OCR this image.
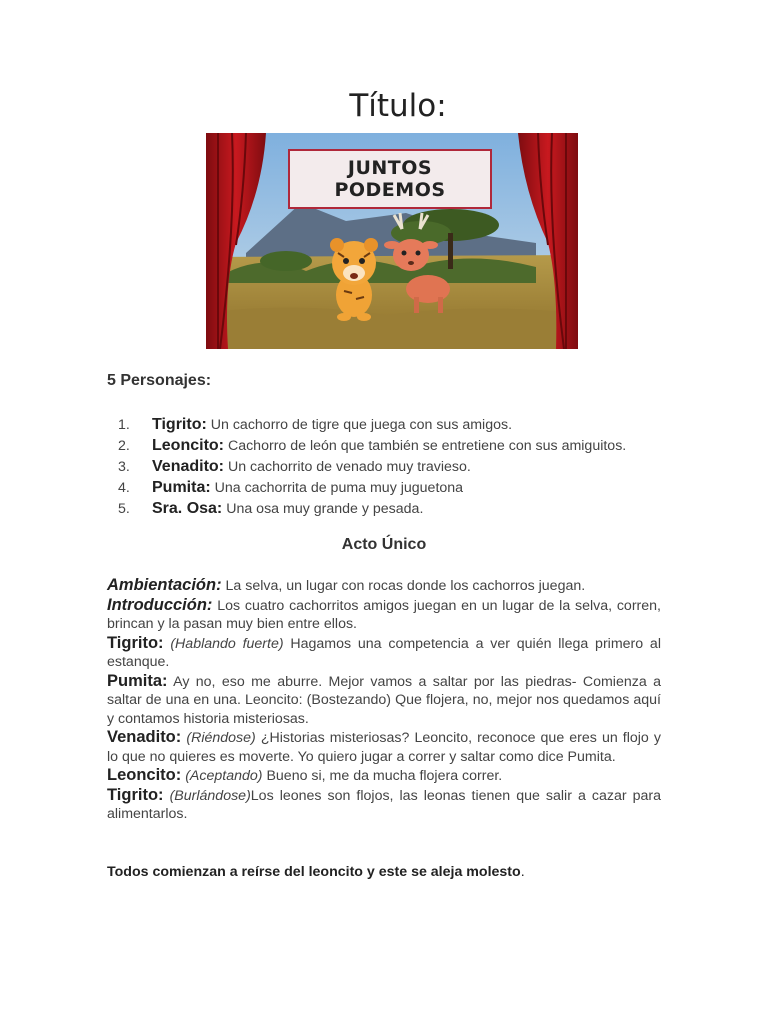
Título:
JUNTOS
PODEMOS
5 Personajes:
1. Tigrito: Un cachorro de tigre que juega con sus amigos.
2. Leoncito: Cachorro de león que también se entretiene con sus amiguitos.
3. Venadito: Un cachorrito de venado muy travieso.
4. Pumita: Una cachorrita de puma muy juguetona
5. Sra. Osa: Una osa muy grande y pesada.
Acto Único

Ambientación: La selva, un lugar con rocas donde los cachorros juegan.

Introducción: Los cuatro cachorritos amigos juegan en un lugar de la selva, corren, brincan y la pasan muy bien entre ellos.

Tigrito: (Hablando fuerte) Hagamos una competencia a ver quién llega primero al estanque.

Pumita: Ay no, eso me aburre. Mejor vamos a saltar por las piedras- Comienza a saltar de una en una. Leoncito: (Bostezando) Que flojera, no, mejor nos quedamos aquí y contamos historia misteriosas.

Venadito: (Riéndose) ¿Historias misteriosas? Leoncito, reconoce que eres un flojo y lo que no quieres es moverte. Yo quiero jugar a correr y saltar como dice Pumita.

Leoncito: (Aceptando) Bueno si, me da mucha flojera correr.

Tigrito: (Burlándose)Los leones son flojos, las leonas tienen que salir a cazar para alimentarlos.

Todos comienzan a reírse del leoncito y este se aleja molesto.
